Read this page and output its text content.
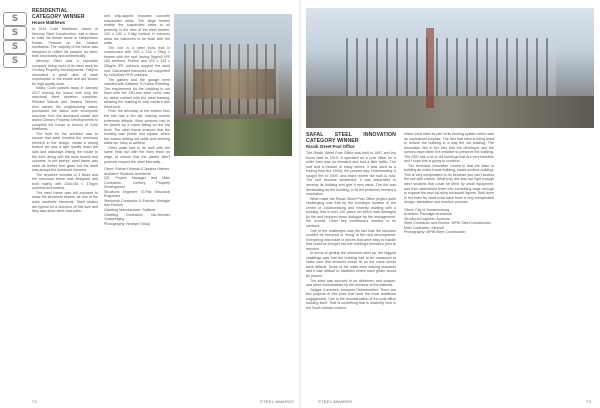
S
S
S
S
RESIDENTIAL CATEGORY WINNER
House Matthews

In 2014 Colin Matthews, owner of Mercury Steel Construction, had a vision to build his dream home in Heldenheim Estate, Pretoria on the Jukskei riverbanks. The majority of the home was designed to reflect his passion for steel, both structurally and aesthetically.

Mercury Steel was a reputable company doing most of its steel work for Century Property Developments. They've renovated a great deal of steel construction in the estate and are known for high quality work.

Sadly, Colin passed away in January 2017 leaving the house with only the structural steel skeleton complete. Richard Wands and Jessica Holmes, who owned the neighbouring stand, purchased the stand with incomplete structure from the deceased estate and asked Century Property Developments to complete the house in honour of Colin Matthews.

The brief for the architect was to ensure that steel remains the dominant element in the design, create a strong feature yet also a light quality down the slab and walkways linking the house to the river, along with the main beams and columns. In the interior, steel frame was used as timber and glass but the steel was always the dominant element.

The structure consists of 3 floors and the structural frame was designed and built mainly with 254x146 x 37kg/m columns and beams.

The steel frame was left exposed to show the structural beams, as one of the main aesthetic elements. Steel beams are typical for a structure of this size and they also allow steel clad walls.

and ship-lapped exposed concrete suspended slabs. The large beams enable the suspended slabs to sit perfectly in the web of the steel beams. 102 x 102 x 3.5kg vertical H columns allow the balconies to be flush with the walls.

The roof is a steel truss that is constructed with 203 x 133 x 25kg I-beams with the roof having 5kg/m3 IPE 160 sections. Purlins and 203 x 133 x 25kg/m IPE columns support the steel roof. Galvanised balconies are supported by 100x50x5 RHS columns.

The gables and the garage were cladded with Saflame 70 Kalha Sheeting. The requirement for the cladding to not flush with the 250-mm steel cover was for direct contact with the steel framing, allowing the building to look modern and hand-built.

From the driveway to the bottom floor the site has a 9m fall, making access extremely difficult. Steel sections had to be placed by a crane sitting on the top level. The steel frame ensured that the building was plumb and square, which the mason setting out walls and erecting slabs etc. easy to achieve.

Other walls had to be built with the same brick but with the lines finish on edge, to ensure that the plaster didn't protrude beyond the steel internally.

Client: Richard Wands & Jessica Holmes

Architect: Studious Architects

QS, Project Manager and Main Contractor: Century Property Development

Structural Engineer: O-Pak Structural Engineers

Steelwork Contractor & Erector: Wrought Iron Factory

Cladding Manufacturer: Saflame

Cladding Contractor: Nic-Wonder Outspringing

Photography: Newlym Group

72	STEEL AWARDS
SAFAL STEEL INNOVATION CATEGORY WINNER
Rissik Street Post Office

The Rissik Street Post Office was built in 1897 and the floors date to 1910. It operated as a post office for a while then was an elevated and had a little traffic. The roof and a mixture of many others. It was used as a trading from the 1920s, the present day. Unfortunately, it caught fire in 2009, and that's where the wall is now. The roof became weakened. It was imperative to develop its building and give it new value. The fire was devastating as the building, to fix the problems needed a restoration.

What made the Rissik Street Post Office project quite challenging was that by the building's location in the centre of Johannesburg and recently working with a building that is over 120 years old which was damaged by fire and required close dialogue by the management, the council. Other key contributors needed to be involved.

One of the challenges was the fact that the structure couldn't be removed or 'living' in the new development. Everything was made in pieces that were easy to handle that could be brought into the building's elevation prior to erection.

In terms of getting the structural steel up, the biggest challenge was that the building had to be measured to make sure that structure would fit, so the crane sheds were difficult. Some of the walls were leaning outwards and it was difficult to establish where each girder would be placed.

The steel was sourced to be delivered, and shapes, and other consumables by the sections of the material.

Judges Comment, Amanuel Gebremedhel. There are few projects of this prize that have the most ambitious engagement. One is the reconstruction of the post office building itself. That is something that is relatively new in the South African context.

which used steel as part of its flooring system which was an unpleasant surprise. The fact that steel is being used to restore the building in a way the old building. The innovation lies in the fact that the developer and the owners have taken the initiative to preserve the building. The SSO has a lot of old buildings that are very beautiful and I hope this is going to continue.

The technical innovation comes in that the team in building an entire frame building, inside another building. This is very complicated to do because you can't access the site with cranes. What they did was use light enough steel sections that could be lifted by small equipment, and then assembled them into something large enough to support the new full story brickwork figures. Well done to the team for what must have been a very complicated design, fabrication and erection process.

Client: City of Johannesburg

Architect: Paradigm Architects

Structural Engineer: Aurecon

Steel Contractor and Erector: MPW Steel Construction

Main Contractor: Intuovel

Photography: MPW Steel Construction

STEEL AWARDS	73
